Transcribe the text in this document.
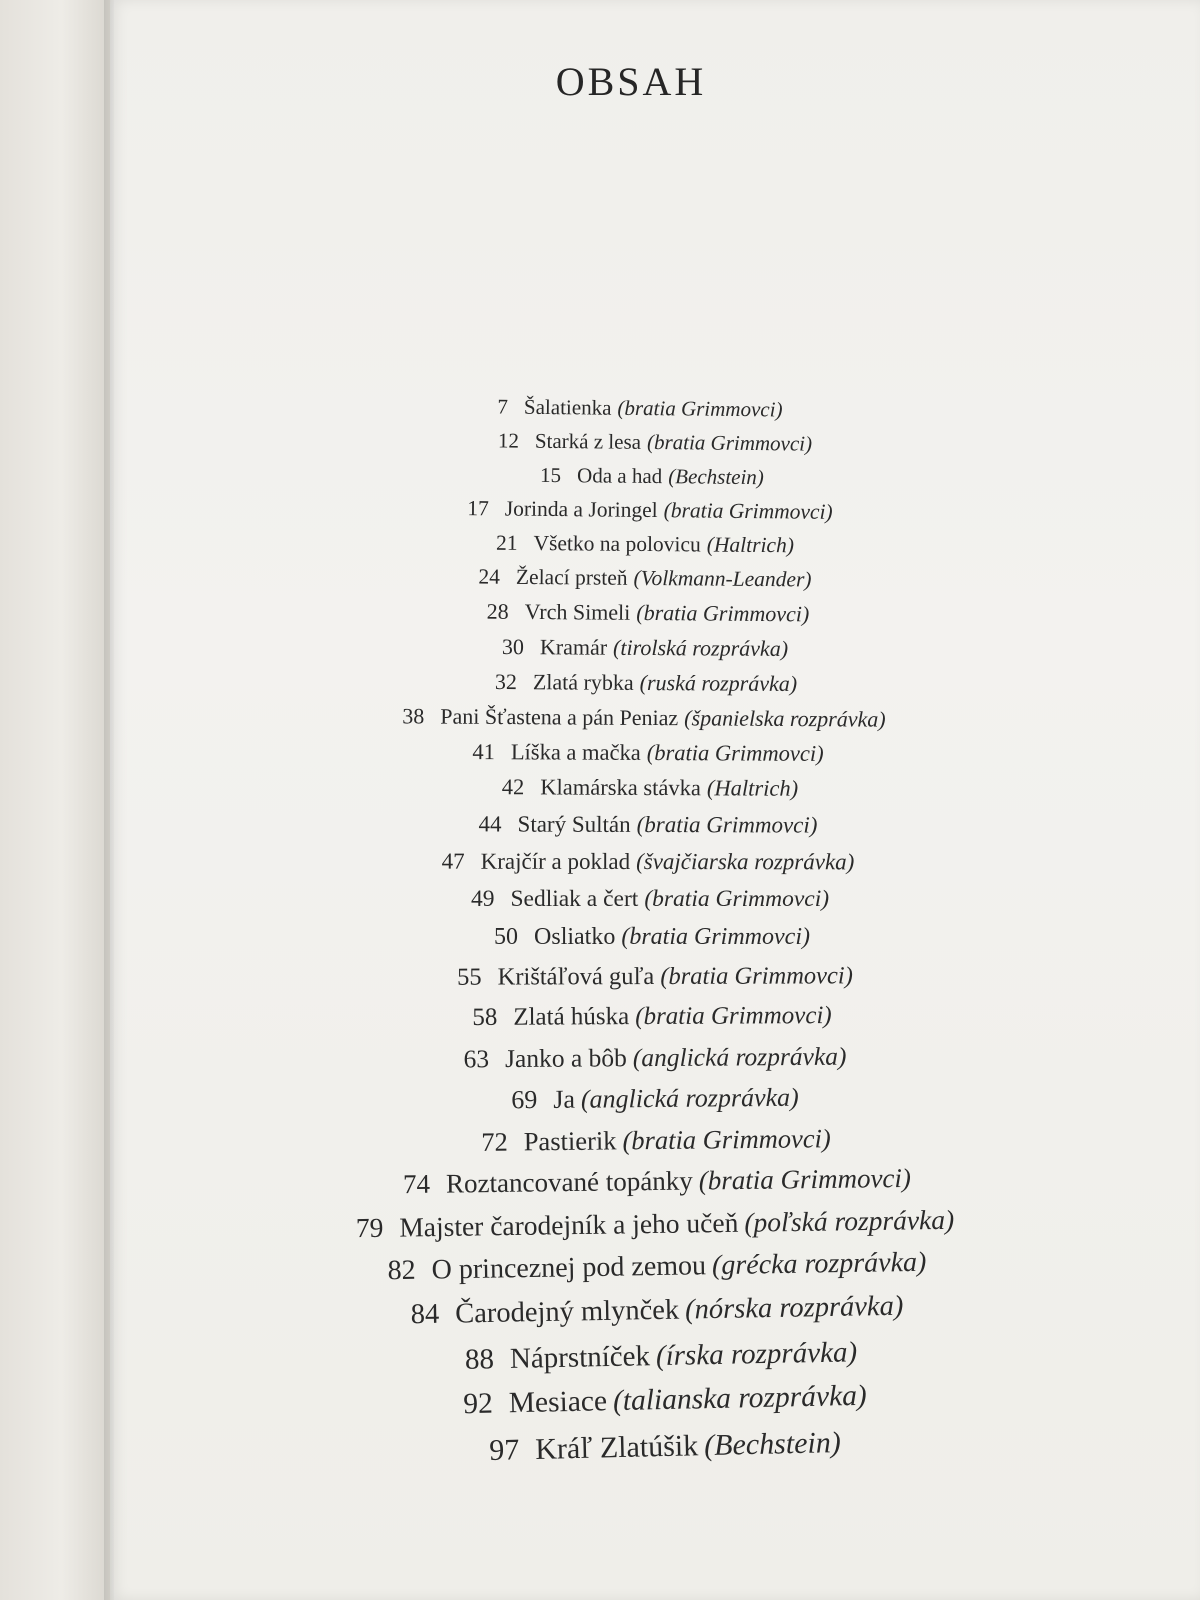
OBSAH
7 Šalatienka (bratia Grimmovci)
12 Starká z lesa (bratia Grimmovci)
15 Oda a had (Bechstein)
17 Jorinda a Joringel (bratia Grimmovci)
21 Všetko na polovicu (Haltrich)
24 Želací prsteň (Volkmann-Leander)
28 Vrch Simeli (bratia Grimmovci)
30 Kramár (tirolská rozprávka)
32 Zlatá rybka (ruská rozprávka)
38 Pani Šťastena a pán Peniaz (španielska rozprávka)
41 Líška a mačka (bratia Grimmovci)
42 Klamárska stávka (Haltrich)
44 Starý Sultán (bratia Grimmovci)
47 Krajčír a poklad (švajčiarska rozprávka)
49 Sedliak a čert (bratia Grimmovci)
50 Osliatko (bratia Grimmovci)
55 Krištáľová guľa (bratia Grimmovci)
58 Zlatá húska (bratia Grimmovci)
63 Janko a bôb (anglická rozprávka)
69 Ja (anglická rozprávka)
72 Pastierik (bratia Grimmovci)
74 Roztancované topánky (bratia Grimmovci)
79 Majster čarodejník a jeho učeň (poľská rozprávka)
82 O princeznej pod zemou (grécka rozprávka)
84 Čarodejný mlynček (nórska rozprávka)
88 Náprstníček (írska rozprávka)
92 Mesiace (talianska rozprávka)
97 Kráľ Zlatúšik (Bechstein)
